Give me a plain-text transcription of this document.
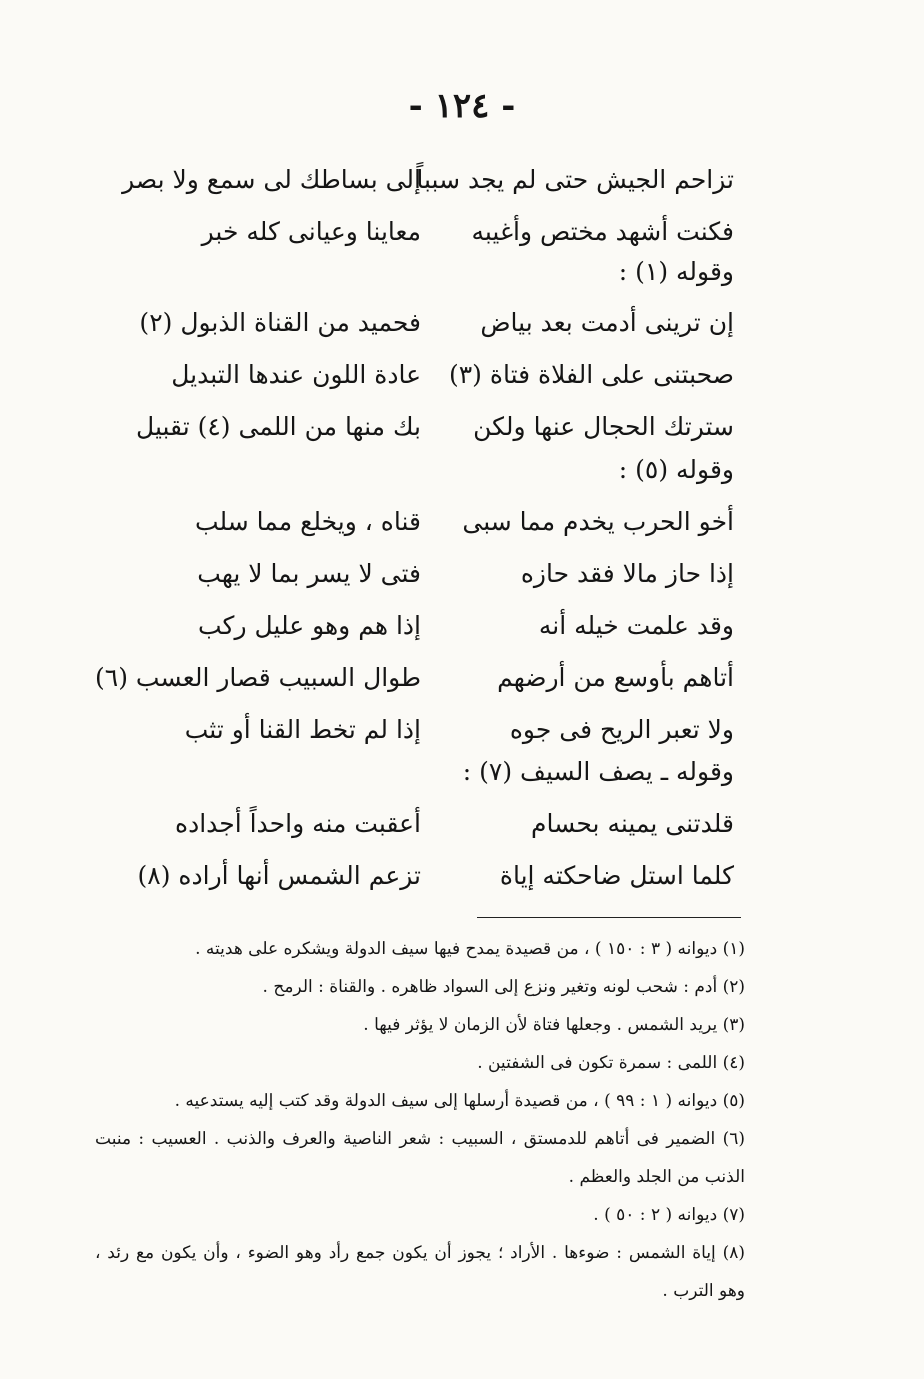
- ١٢٤ -
تزاحم الجيش حتى لم يجد سبباً
إلى بساطك لى سمع ولا بصر
فكنت أشهد مختص وأغيبه
معاينا وعيانى كله خبر
وقوله (١) :
إن ترينى أدمت بعد بياض
فحميد من القناة الذبول (٢)
صحبتنى على الفلاة فتاة (٣)
عادة اللون عندها التبديل
سترتك الحجال عنها ولكن
بك منها من اللمى (٤) تقبيل
وقوله (٥) :
أخو الحرب يخدم مما سبى
قناه ، ويخلع مما سلب
إذا حاز مالا فقد حازه
فتى لا يسر بما لا يهب
وقد علمت خيله أنه
إذا هم وهو عليل ركب
أتاهم بأوسع من أرضهم
طوال السبيب قصار العسب (٦)
ولا تعبر الريح فى جوه
إذا لم تخط القنا أو تثب
وقوله ـ يصف السيف (٧) :
قلدتنى يمينه بحسام
أعقبت منه واحداً أجداده
كلما استل ضاحكته إياة
تزعم الشمس أنها أراده (٨)
(١) ديوانه ( ٣ : ١٥٠ ) ، من قصيدة يمدح فيها سيف الدولة ويشكره على هديته .
(٢) أدم : شحب لونه وتغير ونزع إلى السواد ظاهره . والقناة : الرمح .
(٣) يريد الشمس . وجعلها فتاة لأن الزمان لا يؤثر فيها .
(٤) اللمى : سمرة تكون فى الشفتين .
(٥) ديوانه ( ١ : ٩٩ ) ، من قصيدة أرسلها إلى سيف الدولة وقد كتب إليه يستدعيه .
(٦) الضمير فى أتاهم للدمستق ، السبيب : شعر الناصية والعرف والذنب . العسيب : منبت الذنب من الجلد والعظم .
(٧) ديوانه ( ٢ : ٥٠ ) .
(٨) إياة الشمس : ضوءها . الأراد ؛ يجوز أن يكون جمع رأد وهو الضوء ، وأن يكون مع رئد ، وهو الترب .
